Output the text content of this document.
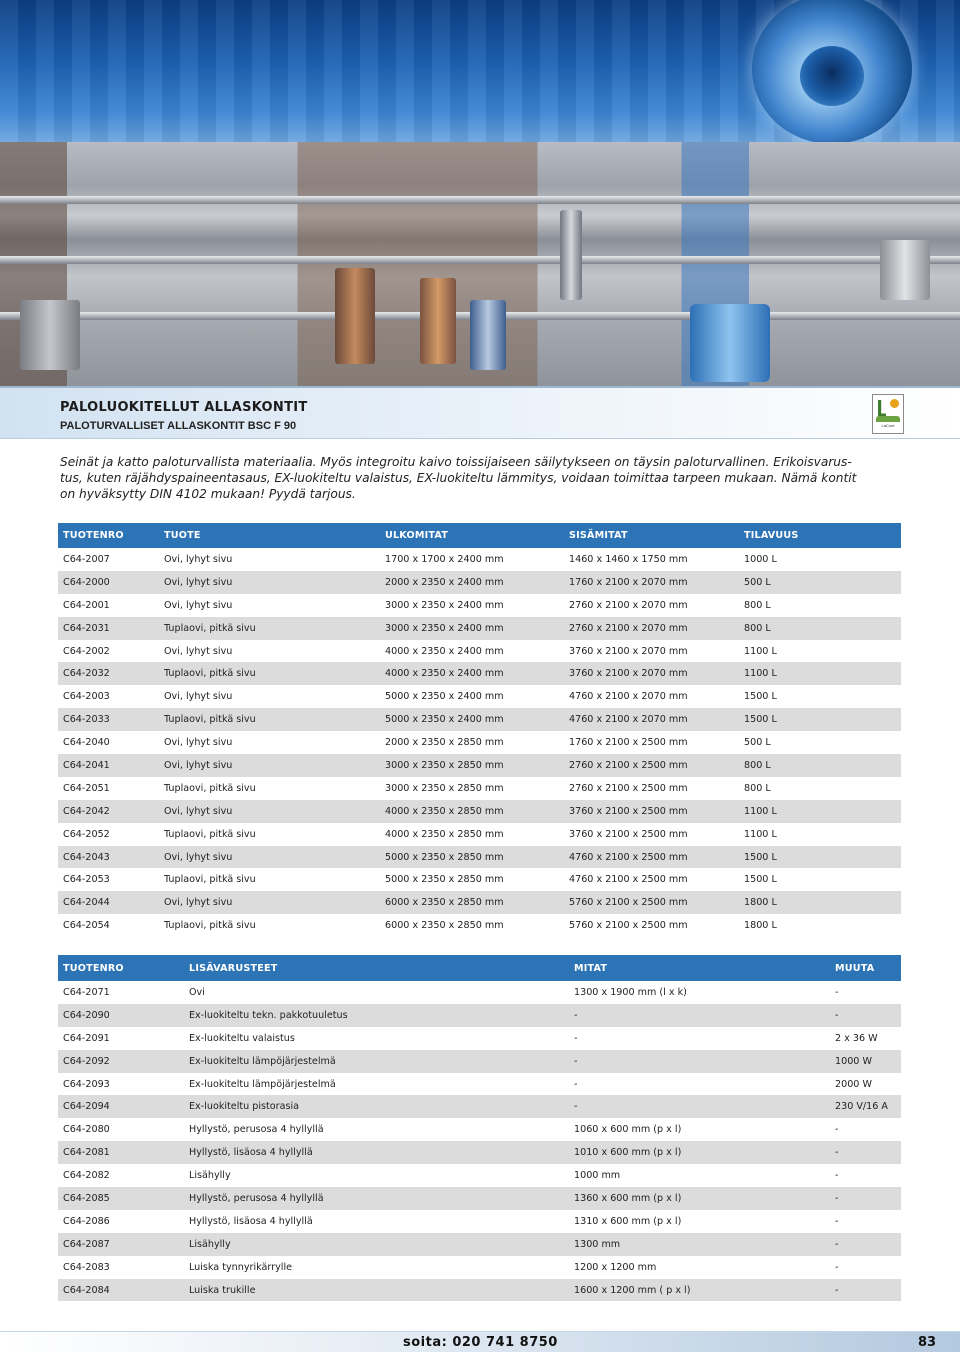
PALOLUOKITELLUT ALLASKONTIT
PALOTURVALLISET ALLASKONTIT BSC F 90	LaCont

Seinät ja katto paloturvallista materiaalia. Myös integroitu kaivo toissijaiseen säilytykseen on täysin paloturvallinen. Erikoisvarus-

tus, kuten räjähdyspaineentasaus, EX-luokiteltu valaistus, EX-luokiteltu lämmitys, voidaan toimittaa tarpeen mukaan. Nämä kontit

on hyväksytty DIN 4102 mukaan! Pyydä tarjous.

TUOTENRO	TUOTE	ULKOMITAT	SISÄMITAT	TILAVUUS
C64-2007	Ovi, lyhyt sivu	1700 x 1700 x 2400 mm	1460 x 1460 x 1750 mm	1000 L
C64-2000	Ovi, lyhyt sivu	2000 x 2350 x 2400 mm	1760 x 2100 x 2070 mm	500 L
C64-2001	Ovi, lyhyt sivu	3000 x 2350 x 2400 mm	2760 x 2100 x 2070 mm	800 L
C64-2031	Tuplaovi, pitkä sivu	3000 x 2350 x 2400 mm	2760 x 2100 x 2070 mm	800 L
C64-2002	Ovi, lyhyt sivu	4000 x 2350 x 2400 mm	3760 x 2100 x 2070 mm	1100 L
C64-2032	Tuplaovi, pitkä sivu	4000 x 2350 x 2400 mm	3760 x 2100 x 2070 mm	1100 L
C64-2003	Ovi, lyhyt sivu	5000 x 2350 x 2400 mm	4760 x 2100 x 2070 mm	1500 L
C64-2033	Tuplaovi, pitkä sivu	5000 x 2350 x 2400 mm	4760 x 2100 x 2070 mm	1500 L
C64-2040	Ovi, lyhyt sivu	2000 x 2350 x 2850 mm	1760 x 2100 x 2500 mm	500 L
C64-2041	Ovi, lyhyt sivu	3000 x 2350 x 2850 mm	2760 x 2100 x 2500 mm	800 L
C64-2051	Tuplaovi, pitkä sivu	3000 x 2350 x 2850 mm	2760 x 2100 x 2500 mm	800 L
C64-2042	Ovi, lyhyt sivu	4000 x 2350 x 2850 mm	3760 x 2100 x 2500 mm	1100 L
C64-2052	Tuplaovi, pitkä sivu	4000 x 2350 x 2850 mm	3760 x 2100 x 2500 mm	1100 L
C64-2043	Ovi, lyhyt sivu	5000 x 2350 x 2850 mm	4760 x 2100 x 2500 mm	1500 L
C64-2053	Tuplaovi, pitkä sivu	5000 x 2350 x 2850 mm	4760 x 2100 x 2500 mm	1500 L
C64-2044	Ovi, lyhyt sivu	6000 x 2350 x 2850 mm	5760 x 2100 x 2500 mm	1800 L
C64-2054	Tuplaovi, pitkä sivu	6000 x 2350 x 2850 mm	5760 x 2100 x 2500 mm	1800 L
TUOTENRO	LISÄVARUSTEET	MITAT	MUUTA
C64-2071	Ovi	1300 x 1900 mm (l x k)	-
C64-2090	Ex-luokiteltu tekn. pakkotuuletus	-	-
C64-2091	Ex-luokiteltu valaistus	-	2 x 36 W
C64-2092	Ex-luokiteltu lämpöjärjestelmä	-	1000 W
C64-2093	Ex-luokiteltu lämpöjärjestelmä	-	2000 W
C64-2094	Ex-luokiteltu pistorasia	-	230 V/16 A
C64-2080	Hyllystö, perusosa 4 hyllyllä	1060 x 600 mm (p x l)	-
C64-2081	Hyllystö, lisäosa 4 hyllyllä	1010 x 600 mm (p x l)	-
C64-2082	Lisähylly	1000 mm	-
C64-2085	Hyllystö, perusosa 4 hyllyllä	1360 x 600 mm (p x l)	-
C64-2086	Hyllystö, lisäosa 4 hyllyllä	1310 x 600 mm (p x l)	-
C64-2087	Lisähylly	1300 mm	-
C64-2083	Luiska tynnyrikärrylle	1200 x 1200 mm	-
C64-2084	Luiska trukille	1600 x 1200 mm ( p x l)	-
soita: 020 741 8750	83
